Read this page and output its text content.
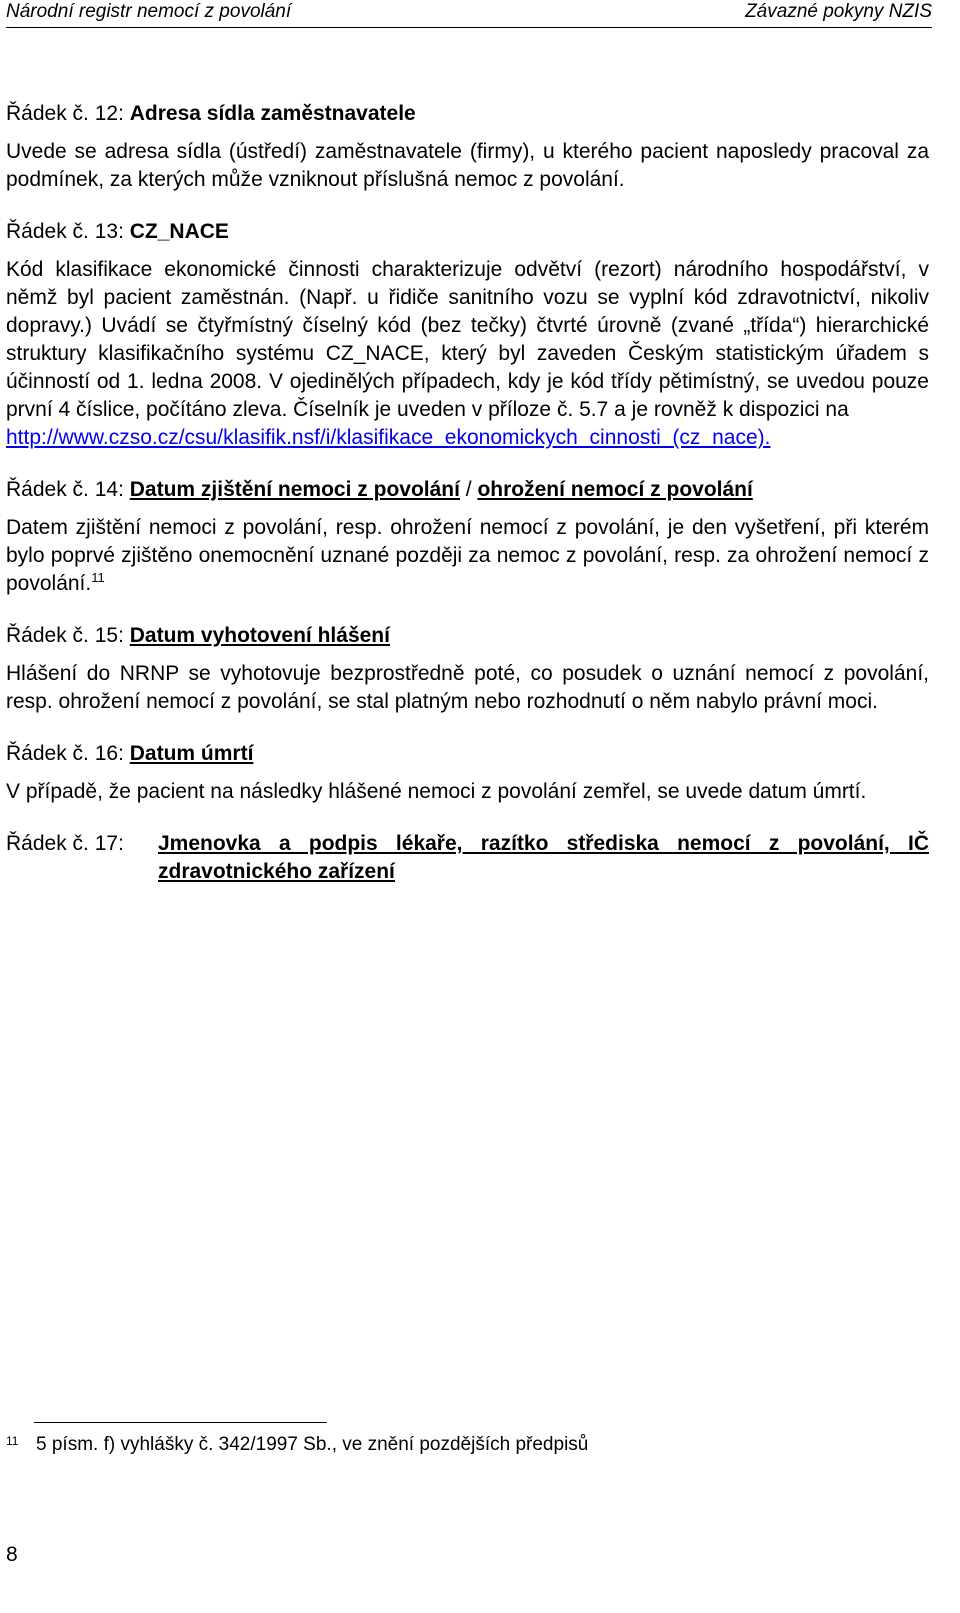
Národní registr nemocí z povolání	Závazné pokyny NZIS

Řádek č. 12: Adresa sídla zaměstnavatele

Uvede se adresa sídla (ústředí) zaměstnavatele (firmy), u kterého pacient naposledy pracoval za podmínek, za kterých může vzniknout příslušná nemoc z povolání.

Řádek č. 13: CZ_NACE

Kód klasifikace ekonomické činnosti charakterizuje odvětví (rezort) národního hospodářství, v němž byl pacient zaměstnán. (Např. u řidiče sanitního vozu se vyplní kód zdravotnictví, nikoliv dopravy.) Uvádí se čtyřmístný číselný kód (bez tečky) čtvrté úrovně (zvané „třída“) hierarchické struktury klasifikačního systému CZ_NACE, který byl zaveden Českým statistickým úřadem s účinností od 1. ledna 2008. V ojedinělých případech, kdy je kód třídy pětimístný, se uvedou pouze první 4 číslice, počítáno zleva. Číselník je uveden v příloze č. 5.7 a je rovněž k dispozici na
http://www.czso.cz/csu/klasifik.nsf/i/klasifikace_ekonomickych_cinnosti_(cz_nace).

Řádek č. 14: Datum zjištění nemoci z povolání / ohrožení nemocí z povolání

Datem zjištění nemoci z povolání, resp. ohrožení nemocí z povolání, je den vyšetření, při kterém bylo poprvé zjištěno onemocnění uznané později za nemoc z povolání, resp. za ohrožení nemocí z povolání.$^{11}$

Řádek č. 15: Datum vyhotovení hlášení

Hlášení do NRNP se vyhotovuje bezprostředně poté, co posudek o uznání nemocí z povolání, resp. ohrožení nemocí z povolání, se stal platným nebo rozhodnutí o něm nabylo právní moci.

Řádek č. 16: Datum úmrtí

V případě, že pacient na následky hlášené nemoci z povolání zemřel, se uvede datum úmrtí.

Řádek č. 17:	Jmenovka a podpis lékaře, razítko střediska nemocí z povolání, IČ zdravotnického zařízení
11 5 písm. f) vyhlášky č. 342/1997 Sb., ve znění pozdějších předpisů
8
